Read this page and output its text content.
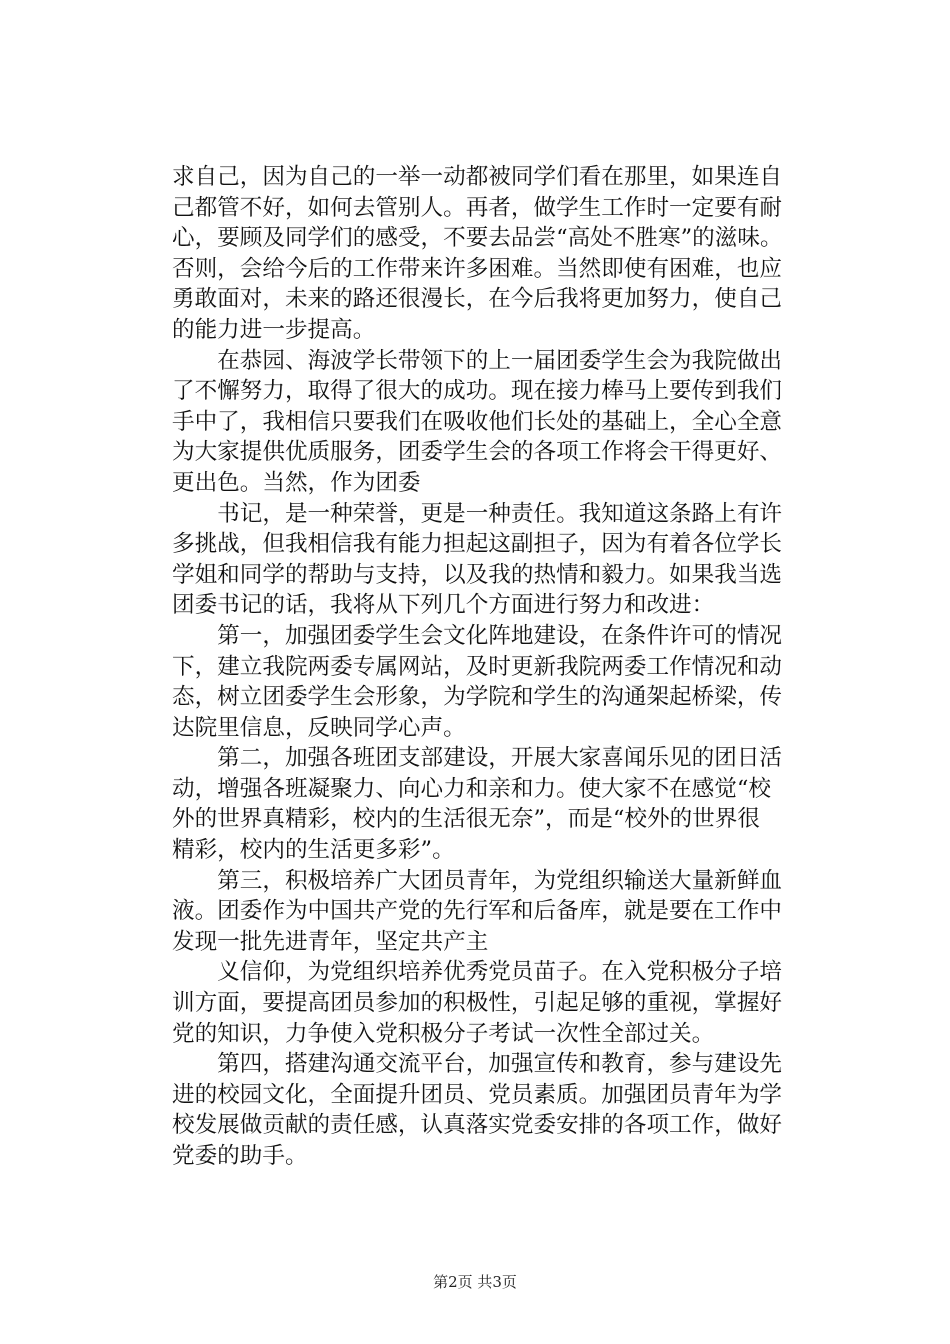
求自己，因为自己的一举一动都被同学们看在那里，如果连自
己都管不好，如何去管别人。再者，做学生工作时一定要有耐
心，要顾及同学们的感受，不要去品尝“高处不胜寒”的滋味。
否则，会给今后的工作带来许多困难。当然即使有困难，也应
勇敢面对，未来的路还很漫长，在今后我将更加努力，使自己
的能力进一步提高。
　　在恭园、海波学长带领下的上一届团委学生会为我院做出
了不懈努力，取得了很大的成功。现在接力棒马上要传到我们
手中了，我相信只要我们在吸收他们长处的基础上，全心全意
为大家提供优质服务，团委学生会的各项工作将会干得更好、
更出色。当然，作为团委
　　书记，是一种荣誉，更是一种责任。我知道这条路上有许
多挑战，但我相信我有能力担起这副担子，因为有着各位学长
学姐和同学的帮助与支持，以及我的热情和毅力。如果我当选
团委书记的话，我将从下列几个方面进行努力和改进：
　　第一，加强团委学生会文化阵地建设，在条件许可的情况
下，建立我院两委专属网站，及时更新我院两委工作情况和动
态，树立团委学生会形象，为学院和学生的沟通架起桥梁，传
达院里信息，反映同学心声。
　　第二，加强各班团支部建设，开展大家喜闻乐见的团日活
动，增强各班凝聚力、向心力和亲和力。使大家不在感觉“校
外的世界真精彩，校内的生活很无奈”，而是“校外的世界很
精彩，校内的生活更多彩”。
　　第三，积极培养广大团员青年，为党组织输送大量新鲜血
液。团委作为中国共产党的先行军和后备库，就是要在工作中
发现一批先进青年，坚定共产主
　　义信仰，为党组织培养优秀党员苗子。在入党积极分子培
训方面，要提高团员参加的积极性，引起足够的重视，掌握好
党的知识，力争使入党积极分子考试一次性全部过关。
　　第四，搭建沟通交流平台，加强宣传和教育，参与建设先
进的校园文化，全面提升团员、党员素质。加强团员青年为学
校发展做贡献的责任感，认真落实党委安排的各项工作，做好
党委的助手。
第2页 共3页
